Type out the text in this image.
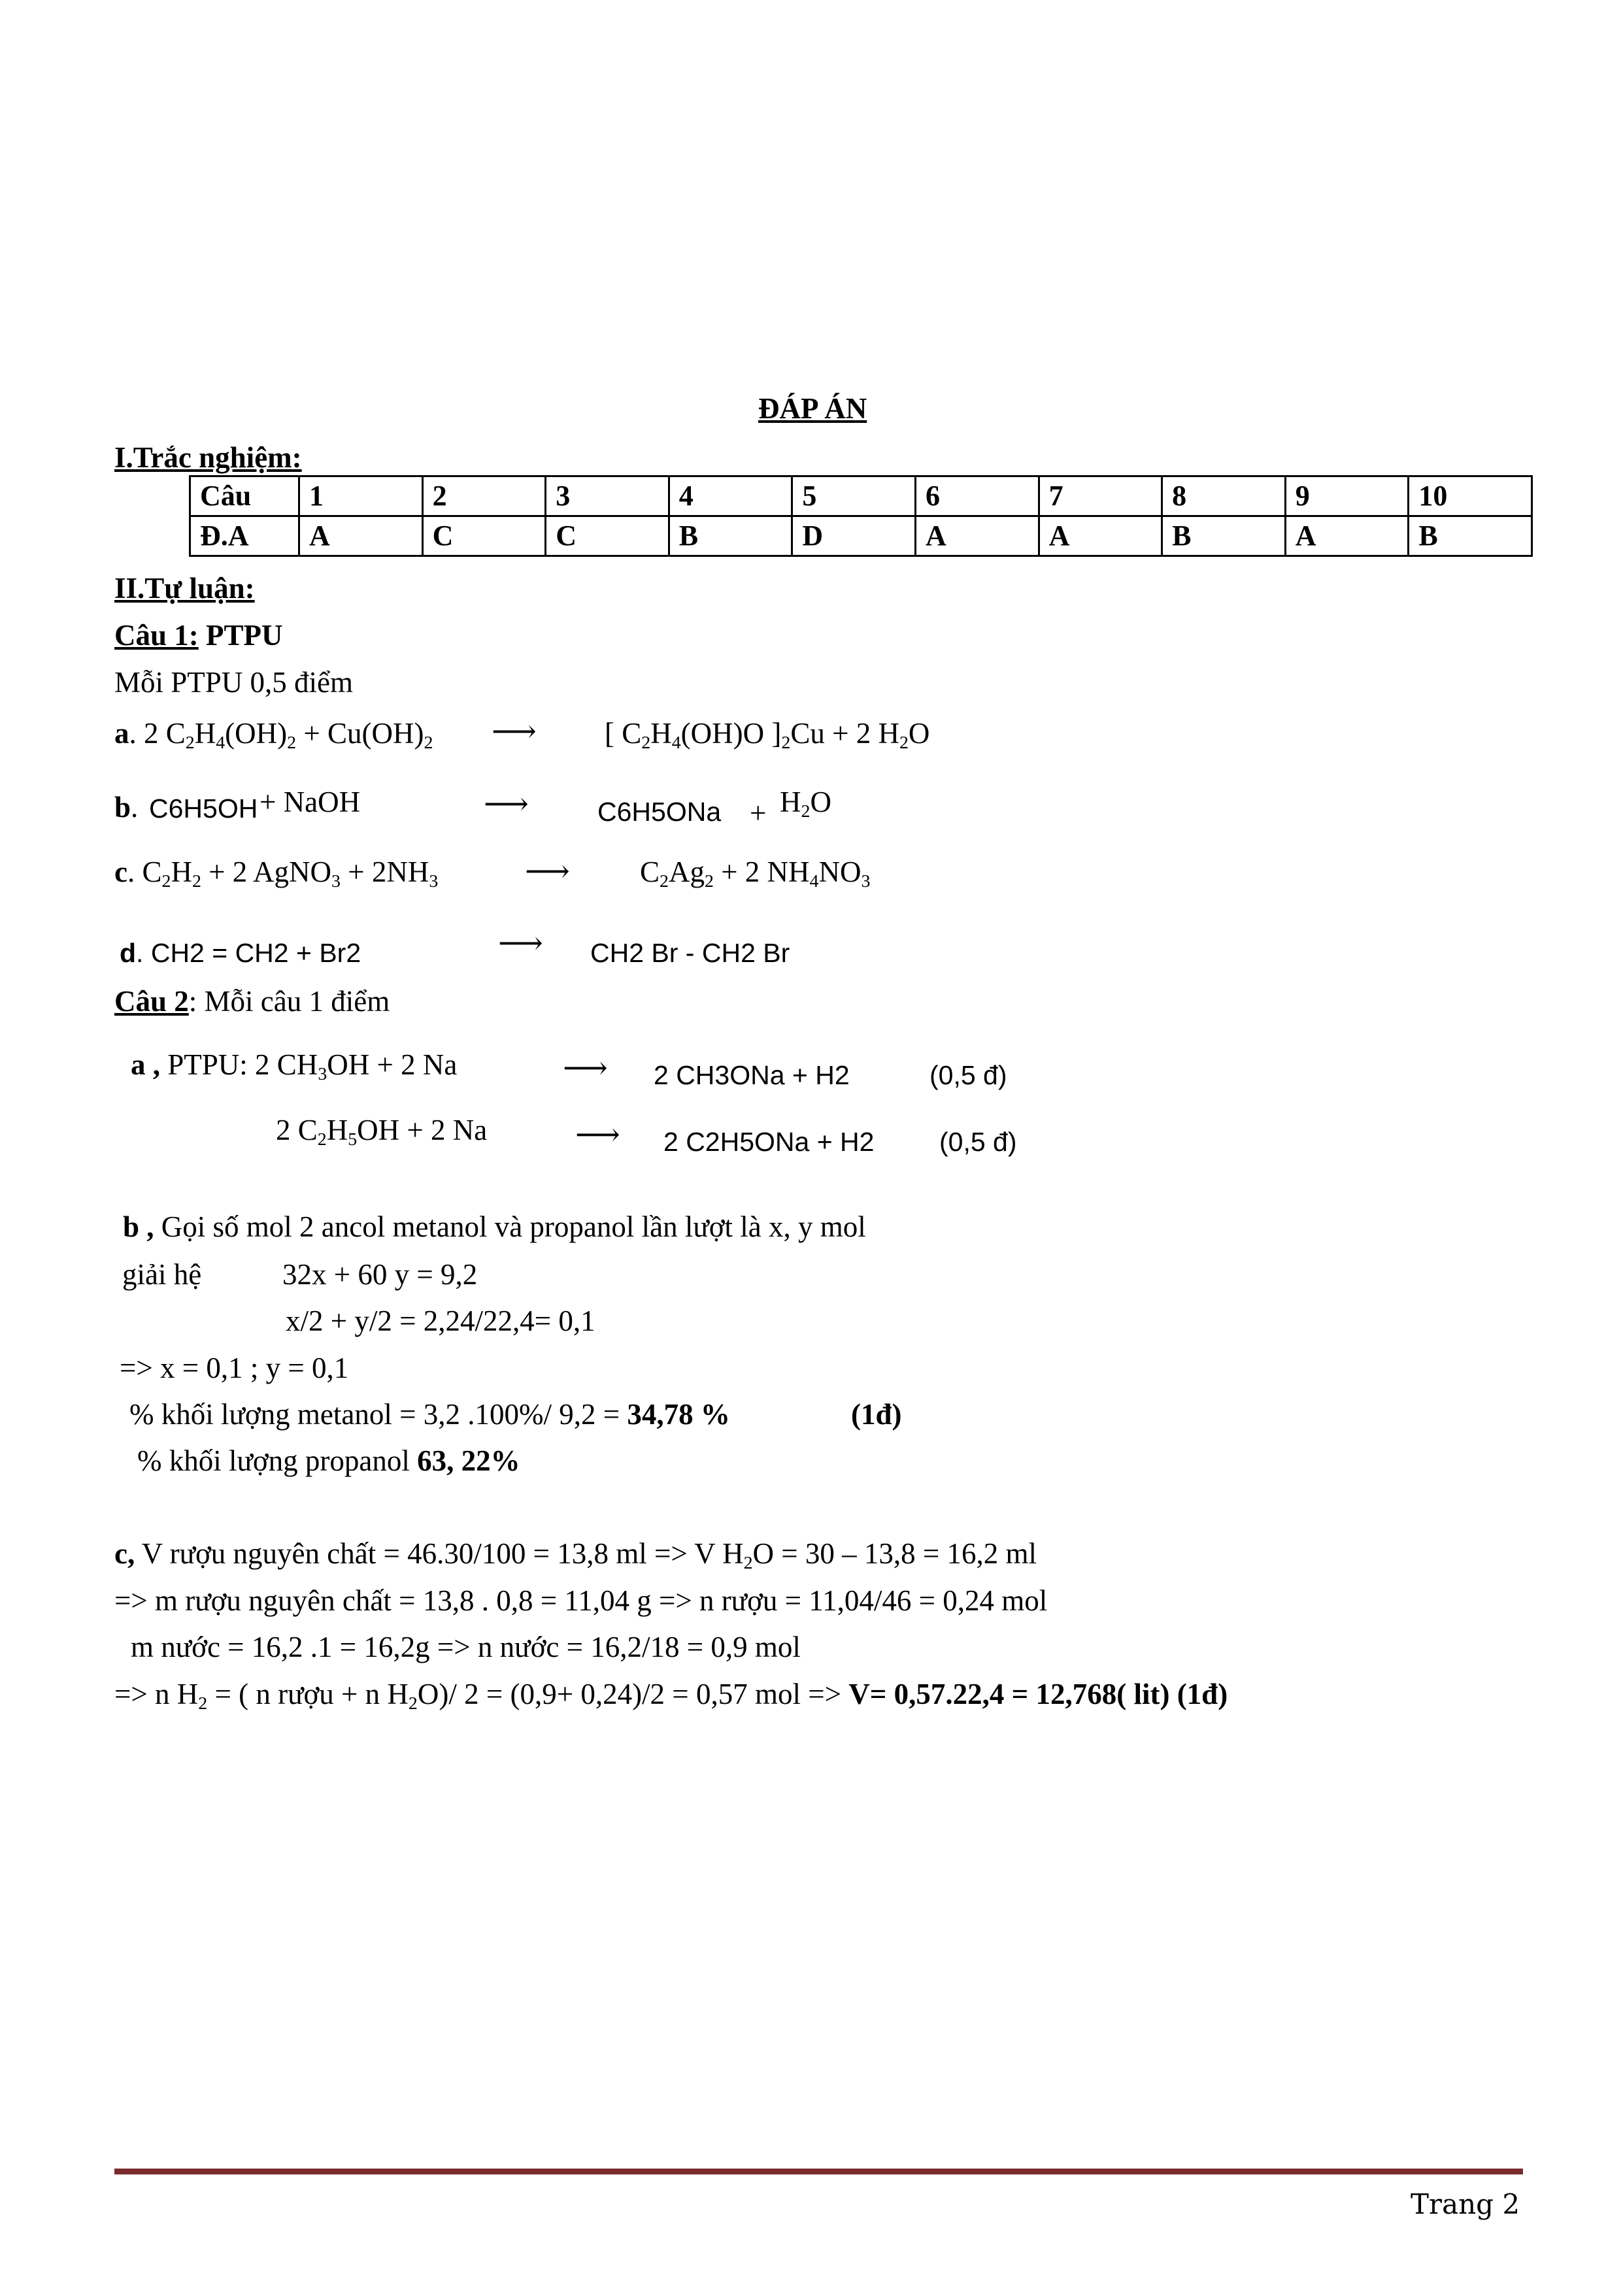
ĐÁP ÁN
I.Trắc nghiệm:
Câu	1	2	3	4	5	6	7	8	9	10
Đ.A	A	C	C	B	D	A	A	B	A	B
II.Tự luận:
Câu 1: PTPU
Mỗi PTPU 0,5 điểm
a. 2 $C_2H_4(OH)_2 + Cu(OH)_2$ ⟶ [ $C_2H_4(OH)O$ ]$_2Cu + 2$ $H_2O$
b. C6H5OH + NaOH	⟶	$C6H5ONa + H_2O$
c. $C_2H_2 + 2$ AgNO$_3$ + $2NH_3$	⟶ $C_2Ag_2 + 2$ $NH_4NO_3$
d. CH2 = CH2 + Br2	⟶ CH2 Br - CH2 Br
Câu 2: Mỗi câu 1 điểm
a , PTPU: 2 $CH_3OH + 2$ Na	⟶ 2 CH3ONa + H2	(0,5 đ)
2 $C_2H_5OH + 2$ Na	⟶ 2 C2H5ONa + H2 (0,5 đ)
b , Gọi số mol 2 ancol metanol và propanol lần lượt là x, y mol
giải hệ	32x + 60 y = 9,2
x/2 + y/2 = 2,24/22,4= 0,1
=> x = 0,1 ; y = 0,1
% khối lượng metanol = 3,2 .100%/ 9,2 = 34,78 %	(1đ)
% khối lượng propanol 63, 22%
c, V rượu nguyên chất = 46.30/100 = 13,8 ml => V $H_2O = 30 - 13,8 = 16,2$ ml
=> m rượu nguyên chất = 13,8 . 0,8 = 11,04 g => n rượu = 11,04/46 = 0,24 mol
m nước = 16,2 .1 = 16,2g => n nước = 16,2/18 = 0,9 mol
=> n $H_2$ = ( n rượu + n $H_2O)/$ 2 = (0,9+ 0,24)/2 = 0,57 mol => V= 0,57.22,4 = 12,768( lit) (1đ)
Trang 2
